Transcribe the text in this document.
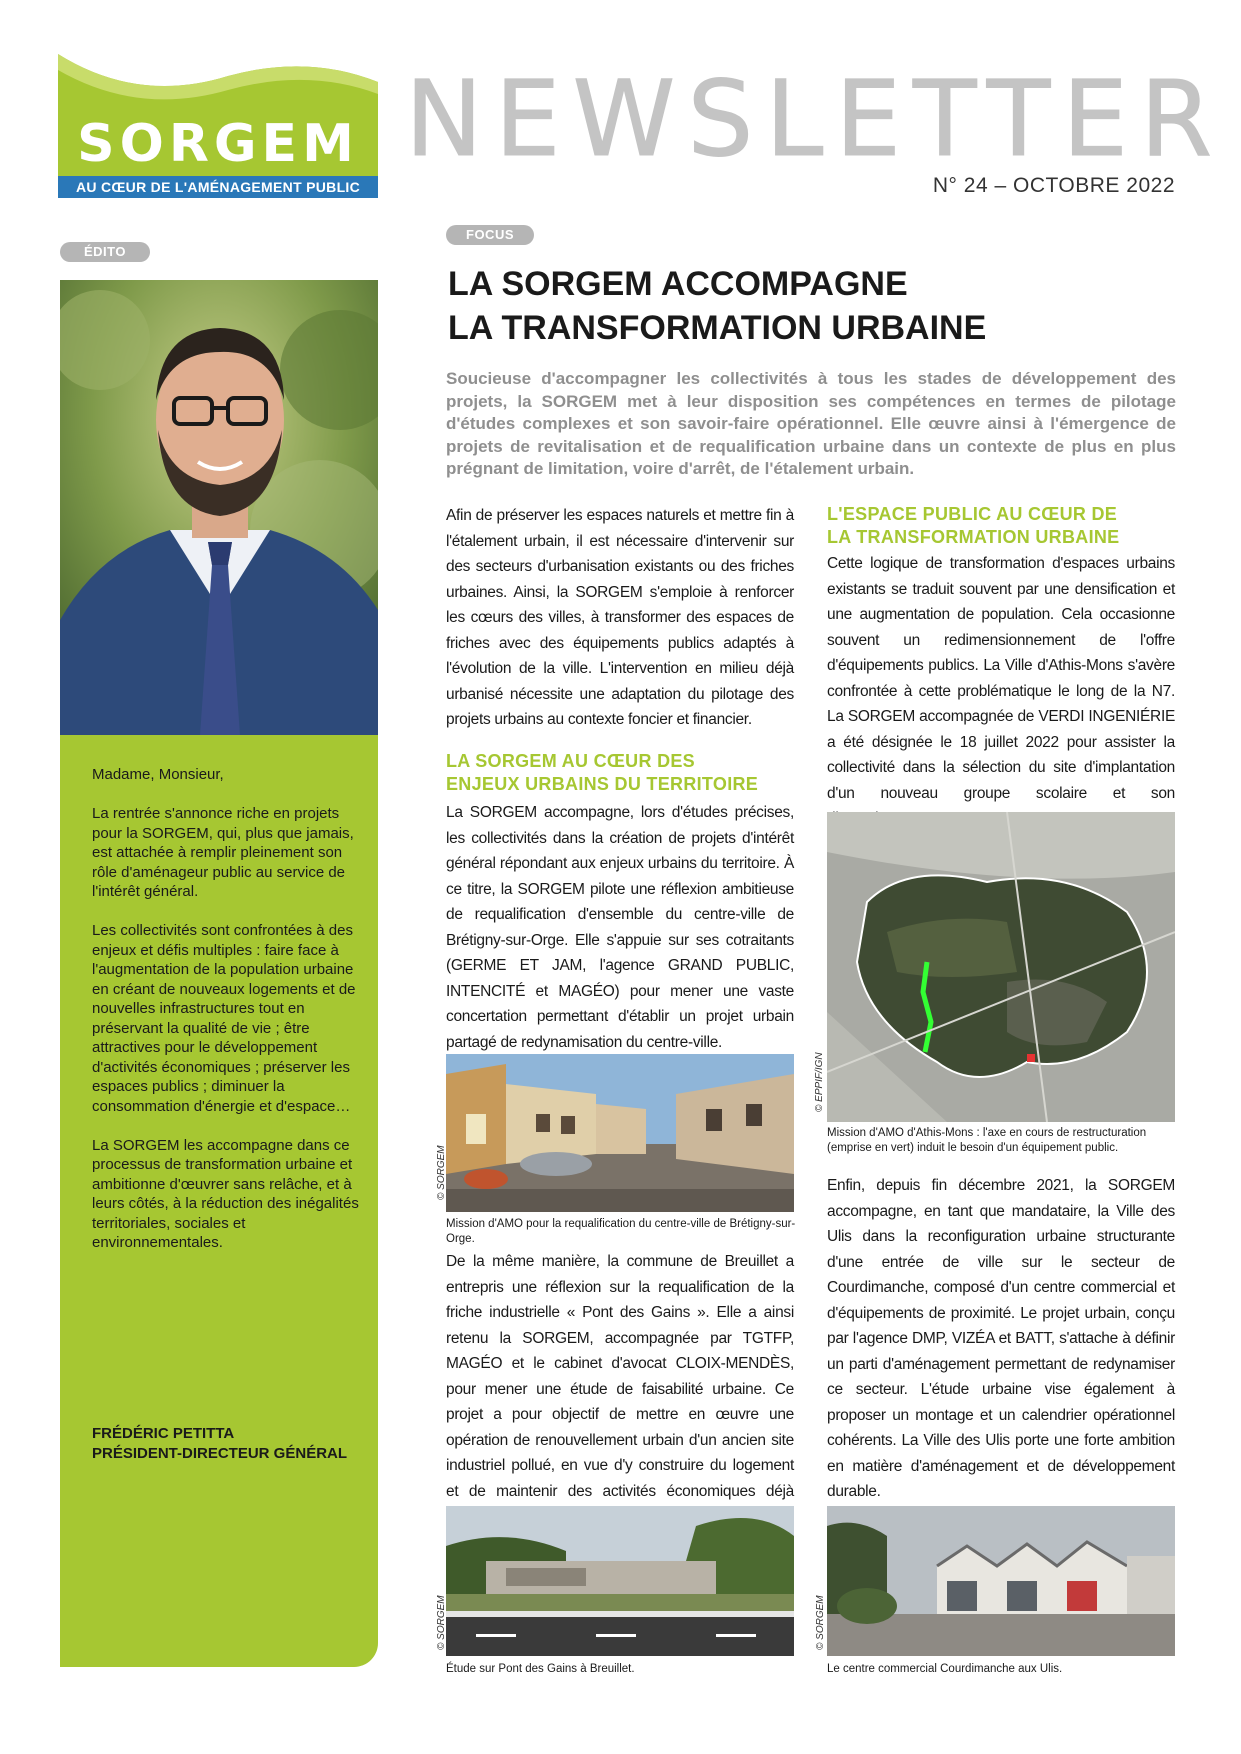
SORGEM
AU CŒUR DE L'AMÉNAGEMENT PUBLIC
NEWSLETTER
N° 24 – OCTOBRE 2022
ÉDITO
FOCUS

Madame, Monsieur,

La rentrée s'annonce riche en projets pour la SORGEM, qui, plus que jamais, est attachée à remplir pleinement son rôle d'aménageur public au service de l'intérêt général.

Les collectivités sont confrontées à des enjeux et défis multiples : faire face à l'augmentation de la population urbaine en créant de nouveaux logements et de nouvelles infrastructures tout en préservant la qualité de vie ; être attractives pour le développement d'activités économiques ; préserver les espaces publics ; diminuer la consommation d'énergie et d'espace…

La SORGEM les accompagne dans ce processus de transformation urbaine et ambitionne d'œuvrer sans relâche, et à leurs côtés, à la réduction des inégalités territoriales, sociales et environnementales.

FRÉDÉRIC PETITTA
PRÉSIDENT-DIRECTEUR GÉNÉRAL
LA SORGEM ACCOMPAGNE
LA TRANSFORMATION URBAINE
Soucieuse d'accompagner les collectivités à tous les stades de développement des projets, la SORGEM met à leur disposition ses compétences en termes de pilotage d'études complexes et son savoir-faire opérationnel. Elle œuvre ainsi à l'émergence de projets de revitalisation et de requalification urbaine dans un contexte de plus en plus prégnant de limitation, voire d'arrêt, de l'étalement urbain.
Afin de préserver les espaces naturels et mettre fin à l'étalement urbain, il est nécessaire d'intervenir sur des secteurs d'urbanisation existants ou des friches urbaines. Ainsi, la SORGEM s'emploie à renforcer les cœurs des villes, à transformer des espaces de friches avec des équipements publics adaptés à l'évolution de la ville. L'intervention en milieu déjà urbanisé nécessite une adaptation du pilotage des projets urbains au contexte foncier et financier.
LA SORGEM AU CŒUR DES
ENJEUX URBAINS DU TERRITOIRE
La SORGEM accompagne, lors d'études précises, les collectivités dans la création de projets d'intérêt général répondant aux enjeux urbains du territoire. À ce titre, la SORGEM pilote une réflexion ambitieuse de requalification d'ensemble du centre-ville de Brétigny-sur-Orge. Elle s'appuie sur ses cotraitants (GERME ET JAM, l'agence GRAND PUBLIC, INTENCITÉ et MAGÉO) pour mener une vaste concertation permettant d'établir un projet urbain partagé de redynamisation du centre-ville.
© SORGEM
Mission d'AMO pour la requalification du centre-ville de Brétigny-sur-Orge.
De la même manière, la commune de Breuillet a entrepris une réflexion sur la requalification de la friche industrielle « Pont des Gains ». Elle a ainsi retenu la SORGEM, accompagnée par TGTFP, MAGÉO et le cabinet d'avocat CLOIX-MENDÈS, pour mener une étude de faisabilité urbaine. Ce projet a pour objectif de mettre en œuvre une opération de renouvellement urbain d'un ancien site industriel pollué, en vue d'y construire du logement et de maintenir des activités économiques déjà
© SORGEM
Étude sur Pont des Gains à Breuillet.
L'ESPACE PUBLIC AU CŒUR DE
LA TRANSFORMATION URBAINE
Cette logique de transformation d'espaces urbains existants se traduit souvent par une densification et une augmentation de population. Cela occasionne souvent un redimensionnement de l'offre d'équipements publics. La Ville d'Athis-Mons s'avère confrontée à cette problématique le long de la N7. La SORGEM accompagnée de VERDI INGENIÉRIE a été désignée le 18 juillet 2022 pour assister la collectivité dans la sélection du site d'implantation d'un nouveau groupe scolaire et son
© EPPIF/IGN
Mission d'AMO d'Athis-Mons : l'axe en cours de restructuration (emprise en vert) induit le besoin d'un équipement public.
Enfin, depuis fin décembre 2021, la SORGEM accompagne, en tant que mandataire, la Ville des Ulis dans la reconfiguration urbaine structurante d'une entrée de ville sur le secteur de Courdimanche, composé d'un centre commercial et d'équipements de proximité. Le projet urbain, conçu par l'agence DMP, VIZÉA et BATT, s'attache à définir un parti d'aménagement permettant de redynamiser ce secteur. L'étude urbaine vise également à proposer un montage et un calendrier opérationnel cohérents. La Ville des Ulis porte une forte ambition en matière d'aménagement et de développement durable.
© SORGEM
Le centre commercial Courdimanche aux Ulis.
